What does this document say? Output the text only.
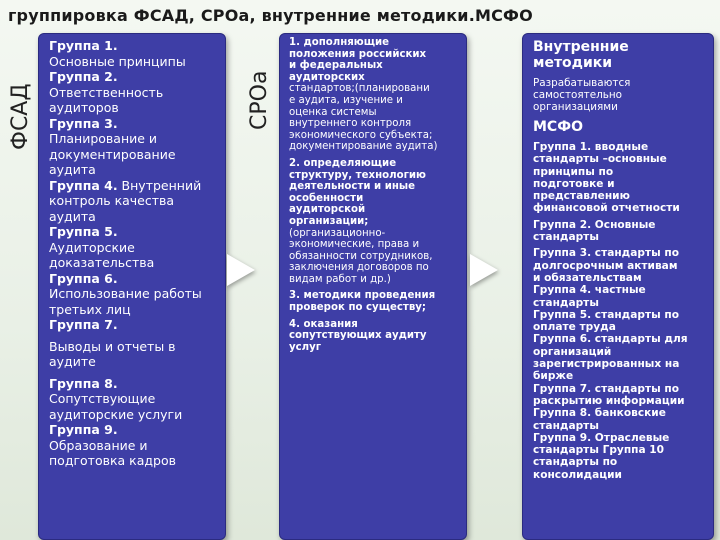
группировка ФСАД, СРОа, внутренние методики.МСФО
ФСАД	СРОа
Группа 1.
Основные принципы
Группа 2.
Ответственность
аудиторов
Группа 3.
Планирование и
документирование
аудита
Группа 4. Внутренний
контроль качества
аудита
Группа 5.
Аудиторские
доказательства
Группа 6.
Использование работы
третьих лиц
Группа 7.
Выводы и отчеты в
аудите
Группа 8.
Сопутствующие
аудиторские услуги
Группа 9.
Образование и
подготовка кадров
1. дополняющие
положения российских
и федеральных
аудиторских
стандартов;(планировани
е аудита, изучение и
оценка системы
внутреннего контроля
экономического субъекта;
документирование аудита)
2. определяющие
структуру, технологию
деятельности и иные
особенности
аудиторской
организации;
(организационно-
экономические, права и
обязанности сотрудников,
заключения договоров по
видам работ и др.)
3. методики проведения
проверок по существу;
4. оказания
сопутствующих аудиту
услуг
Внутренние
методики
Разрабатываются
самостоятельно
организациями
МСФО
Группа 1. вводные
стандарты –основные
принципы по
подготовке и
представлению
финансовой отчетности
Группа 2. Основные
стандарты
Группа 3. стандарты по
долгосрочным активам
и обязательствам
Группа 4. частные
стандарты
Группа 5. стандарты по
оплате труда
Группа 6. стандарты для
организаций
зарегистрированных на
бирже
Группа 7. стандарты по
раскрытию информации
Группа 8. банковские
стандарты
Группа 9. Отраслевые
стандарты Группа 10
стандарты по
консолидации
